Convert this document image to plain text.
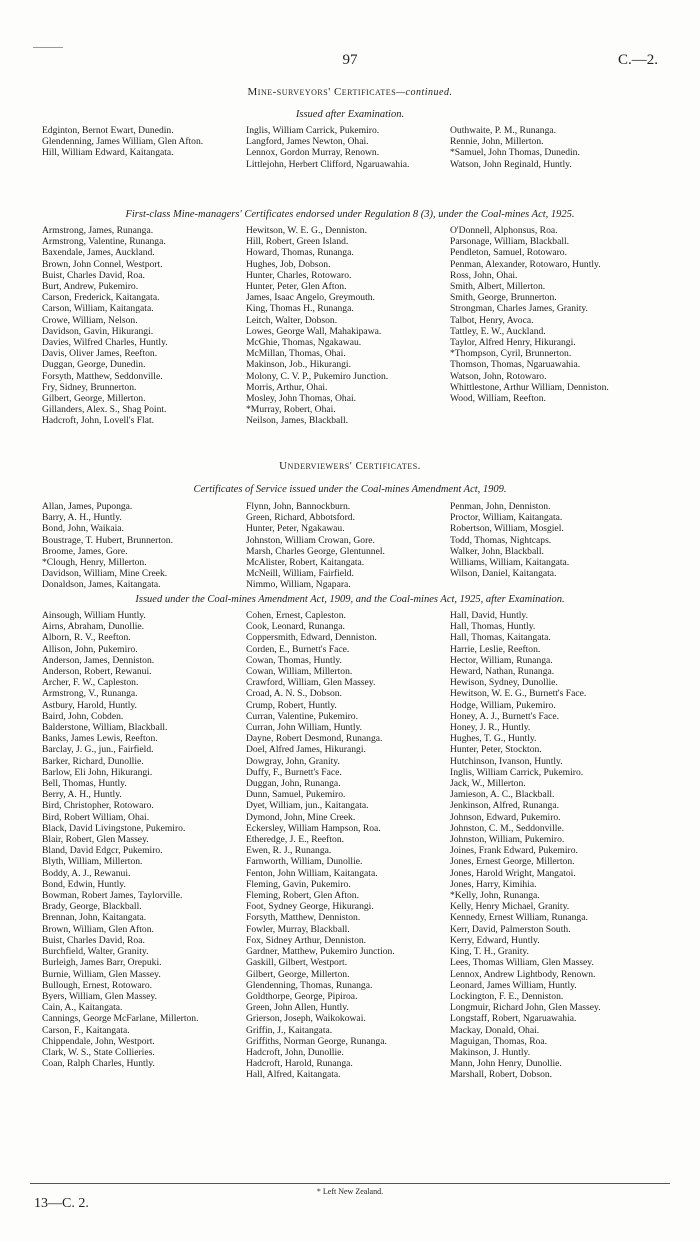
97	C.—2.
Mine-surveyors' Certificates—continued.
Issued after Examination.
Edginton, Bernot Ewart, Dunedin.
Glendenning, James William, Glen Afton.
Hill, William Edward, Kaitangata.
Inglis, William Carrick, Pukemiro.
Langford, James Newton, Ohai.
Lennox, Gordon Murray, Renown.
Littlejohn, Herbert Clifford, Ngaruawahia.
Outhwaite, P. M., Runanga.
Rennie, John, Millerton.
*Samuel, John Thomas, Dunedin.
Watson, John Reginald, Huntly.
First-class Mine-managers' Certificates endorsed under Regulation 8 (3), under the Coal-mines Act, 1925.
Armstrong, James, Runanga.
Armstrong, Valentine, Runanga.
Baxendale, James, Auckland.
Brown, John Connel, Westport.
Buist, Charles David, Roa.
Burt, Andrew, Pukemiro.
Carson, Frederick, Kaitangata.
Carson, William, Kaitangata.
Crowe, William, Nelson.
Davidson, Gavin, Hikurangi.
Davies, Wilfred Charles, Huntly.
Davis, Oliver James, Reefton.
Duggan, George, Dunedin.
Forsyth, Matthew, Seddonville.
Fry, Sidney, Brunnerton.
Gilbert, George, Millerton.
Gillanders, Alex. S., Shag Point.
Hadcroft, John, Lovell's Flat.
Hewitson, W. E. G., Denniston.
Hill, Robert, Green Island.
Howard, Thomas, Runanga.
Hughes, Job, Dobson.
Hunter, Charles, Rotowaro.
Hunter, Peter, Glen Afton.
James, Isaac Angelo, Greymouth.
King, Thomas H., Runanga.
Leitch, Walter, Dobson.
Lowes, George Wall, Mahakipawa.
McGhie, Thomas, Ngakawau.
McMillan, Thomas, Ohai.
Makinson, Job., Hikurangi.
Molony, C. V. P., Pukemiro Junction.
Morris, Arthur, Ohai.
Mosley, John Thomas, Ohai.
*Murray, Robert, Ohai.
Neilson, James, Blackball.
O'Donnell, Alphonsus, Roa.
Parsonage, William, Blackball.
Pendleton, Samuel, Rotowaro.
Penman, Alexander, Rotowaro, Huntly.
Ross, John, Ohai.
Smith, Albert, Millerton.
Smith, George, Brunnerton.
Strongman, Charles James, Granity.
Talbot, Henry, Avoca.
Tattley, E. W., Auckland.
Taylor, Alfred Henry, Hikurangi.
*Thompson, Cyril, Brunnerton.
Thomson, Thomas, Ngaruawahia.
Watson, John, Rotowaro.
Whittlestone, Arthur William, Denniston.
Wood, William, Reefton.
Underviewers' Certificates.
Certificates of Service issued under the Coal-mines Amendment Act, 1909.
Allan, James, Puponga.
Barry, A. H., Huntly.
Bond, John, Waikaia.
Boustrage, T. Hubert, Brunnerton.
Broome, James, Gore.
*Clough, Henry, Millerton.
Davidson, William, Mine Creek.
Donaldson, James, Kaitangata.
Flynn, John, Bannockburn.
Green, Richard, Abbotsford.
Hunter, Peter, Ngakawau.
Johnston, William Crowan, Gore.
Marsh, Charles George, Glentunnel.
McAlister, Robert, Kaitangata.
McNeill, William, Fairfield.
Nimmo, William, Ngapara.
Penman, John, Denniston.
Proctor, William, Kaitangata.
Robertson, William, Mosgiel.
Todd, Thomas, Nightcaps.
Walker, John, Blackball.
Williams, William, Kaitangata.
Wilson, Daniel, Kaitangata.
Issued under the Coal-mines Amendment Act, 1909, and the Coal-mines Act, 1925, after Examination.
Ainsough, William Huntly.
Airns, Abraham, Dunollie.
Alborn, R. V., Reefton.
Allison, John, Pukemiro.
Anderson, James, Denniston.
Anderson, Robert, Rewanui.
Archer, F. W., Capleston.
Armstrong, V., Runanga.
Astbury, Harold, Huntly.
Baird, John, Cobden.
Balderstone, William, Blackball.
Banks, James Lewis, Reefton.
Barclay, J. G., jun., Fairfield.
Barker, Richard, Dunollie.
Barlow, Eli John, Hikurangi.
Bell, Thomas, Huntly.
Berry, A. H., Huntly.
Bird, Christopher, Rotowaro.
Bird, Robert William, Ohai.
Black, David Livingstone, Pukemiro.
Blair, Robert, Glen Massey.
Bland, David Edgcr, Pukemiro.
Blyth, William, Millerton.
Boddy, A. J., Rewanui.
Bond, Edwin, Huntly.
Bowman, Robert James, Taylorville.
Brady, George, Blackball.
Brennan, John, Kaitangata.
Brown, William, Glen Afton.
Buist, Charles David, Roa.
Burchfield, Walter, Granity.
Burleigh, James Barr, Orepuki.
Burnie, William, Glen Massey.
Bullough, Ernest, Rotowaro.
Byers, William, Glen Massey.
Cain, A., Kaitangata.
Cannings, George McFarlane, Millerton.
Carson, F., Kaitangata.
Chippendale, John, Westport.
Clark, W. S., State Collieries.
Coan, Ralph Charles, Huntly.
Cohen, Ernest, Capleston.
Cook, Leonard, Runanga.
Coppersmith, Edward, Denniston.
Corden, E., Burnett's Face.
Cowan, Thomas, Huntly.
Cowan, William, Millerton.
Crawford, William, Glen Massey.
Croad, A. N. S., Dobson.
Crump, Robert, Huntly.
Curran, Valentine, Pukemiro.
Curran, John William, Huntly.
Dayne, Robert Desmond, Runanga.
Doel, Alfred James, Hikurangi.
Dowgray, John, Granity.
Duffy, F., Burnett's Face.
Duggan, John, Runanga.
Dunn, Samuel, Pukemiro.
Dyet, William, jun., Kaitangata.
Dymond, John, Mine Creek.
Eckersley, William Hampson, Roa.
Etheredge, J. E., Reefton.
Ewen, R. J., Runanga.
Farnworth, William, Dunollie.
Fenton, John William, Kaitangata.
Fleming, Gavin, Pukemiro.
Fleming, Robert, Glen Afton.
Foot, Sydney George, Hikurangi.
Forsyth, Matthew, Denniston.
Fowler, Murray, Blackball.
Fox, Sidney Arthur, Denniston.
Gardner, Matthew, Pukemiro Junction.
Gaskill, Gilbert, Westport.
Gilbert, George, Millerton.
Glendenning, Thomas, Runanga.
Goldthorpe, George, Pipiroa.
Green, John Allen, Huntly.
Grierson, Joseph, Waikokowai.
Griffin, J., Kaitangata.
Griffiths, Norman George, Runanga.
Hadcroft, John, Dunollie.
Hadcroft, Harold, Runanga.
Hall, Alfred, Kaitangata.
Hall, David, Huntly.
Hall, Thomas, Huntly.
Hall, Thomas, Kaitangata.
Harrie, Leslie, Reefton.
Hector, William, Runanga.
Heward, Nathan, Runanga.
Hewison, Sydney, Dunollie.
Hewitson, W. E. G., Burnett's Face.
Hodge, William, Pukemiro.
Honey, A. J., Burnett's Face.
Honey, J. R., Huntly.
Hughes, T. G., Huntly.
Hunter, Peter, Stockton.
Hutchinson, Ivanson, Huntly.
Inglis, William Carrick, Pukemiro.
Jack, W., Millerton.
Jamieson, A. C., Blackball.
Jenkinson, Alfred, Runanga.
Johnson, Edward, Pukemiro.
Johnston, C. M., Seddonville.
Johnston, William, Pukemiro.
Joines, Frank Edward, Pukemiro.
Jones, Ernest George, Millerton.
Jones, Harold Wright, Mangatoi.
Jones, Harry, Kimihia.
*Kelly, John, Runanga.
Kelly, Henry Michael, Granity.
Kennedy, Ernest William, Runanga.
Kerr, David, Palmerston South.
Kerry, Edward, Huntly.
King, T. H., Granity.
Lees, Thomas William, Glen Massey.
Lennox, Andrew Lightbody, Renown.
Leonard, James William, Huntly.
Lockington, F. E., Denniston.
Longmuir, Richard John, Glen Massey.
Longstaff, Robert, Ngaruawahia.
Mackay, Donald, Ohai.
Maguigan, Thomas, Roa.
Makinson, J. Huntly.
Mann, John Henry, Dunollie.
Marshall, Robert, Dobson.
* Left New Zealand.
13—C. 2.
